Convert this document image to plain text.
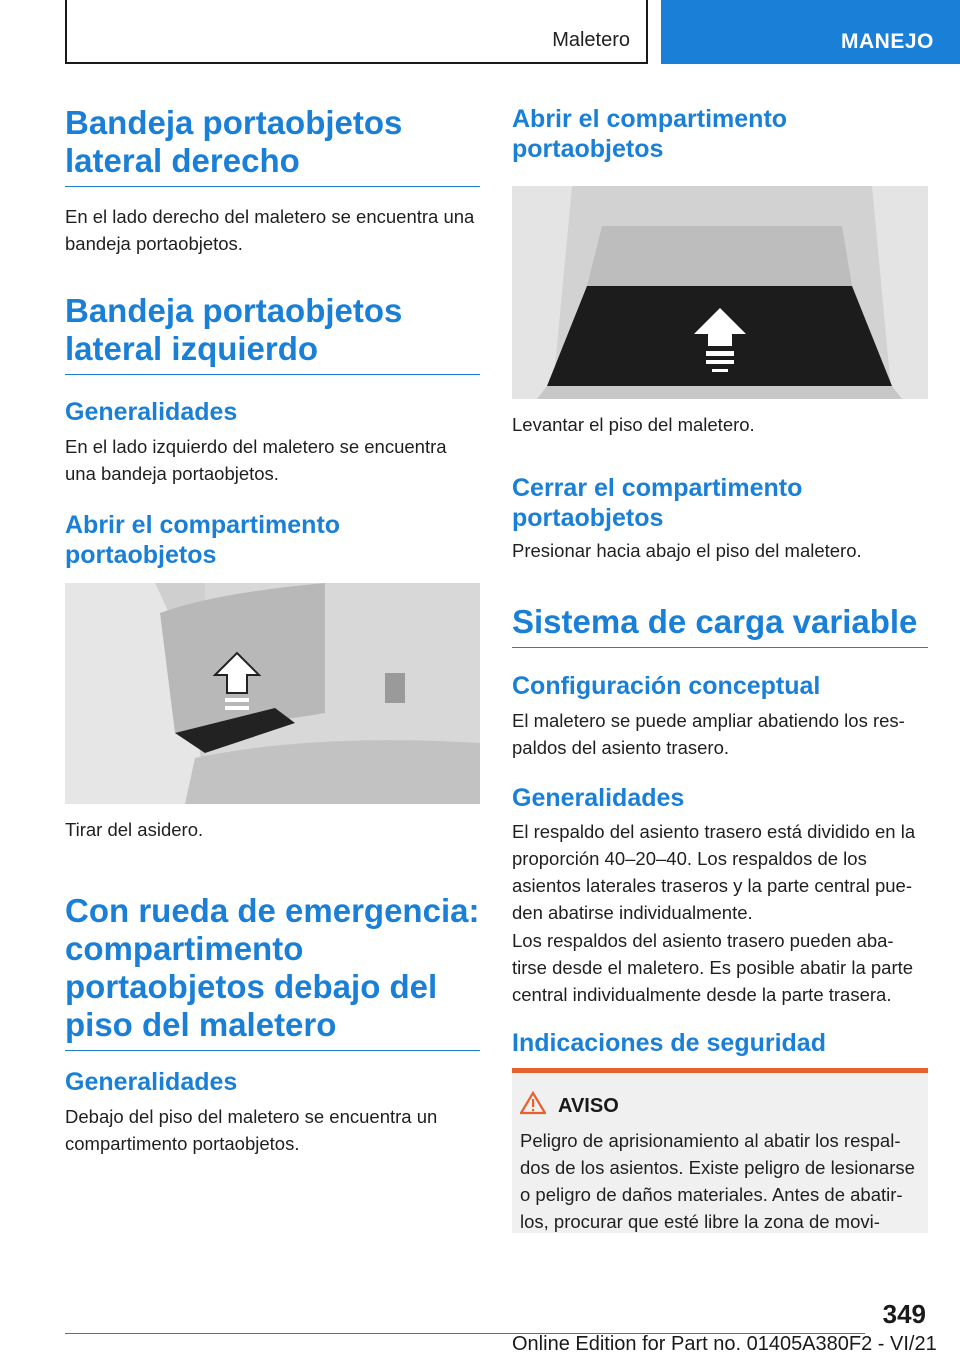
Maletero	MANEJO
Bandeja portaobjetos lateral derecho

En el lado derecho del maletero se encuentra una bandeja portaobjetos.

Bandeja portaobjetos lateral izquierdo
Generalidades

En el lado izquierdo del maletero se encuentra una bandeja portaobjetos.

Abrir el compartimento portaobjetos

Tirar del asidero.

Con rueda de emergencia: compartimento portaobjetos debajo del piso del maletero
Generalidades

Debajo del piso del maletero se encuentra un compartimento portaobjetos.

Abrir el compartimento portaobjetos

Levantar el piso del maletero.

Cerrar el compartimento portaobjetos

Presionar hacia abajo el piso del maletero.

Sistema de carga variable
Configuración conceptual

El maletero se puede ampliar abatiendo los res‐paldos del asiento trasero.

Generalidades

El respaldo del asiento trasero está dividido en la proporción 40–20–40. Los respaldos de los asientos laterales traseros y la parte central pue‐den abatirse individualmente.

Los respaldos del asiento trasero pueden aba‐tirse desde el maletero. Es posible abatir la parte central individualmente desde la parte trasera.

Indicaciones de seguridad
AVISO

Peligro de aprisionamiento al abatir los respal‐dos de los asientos. Existe peligro de lesionarse o peligro de daños materiales. Antes de abatir‐los, procurar que esté libre la zona de movi‐

349
Online Edition for Part no. 01405A380F2 - VI/21
